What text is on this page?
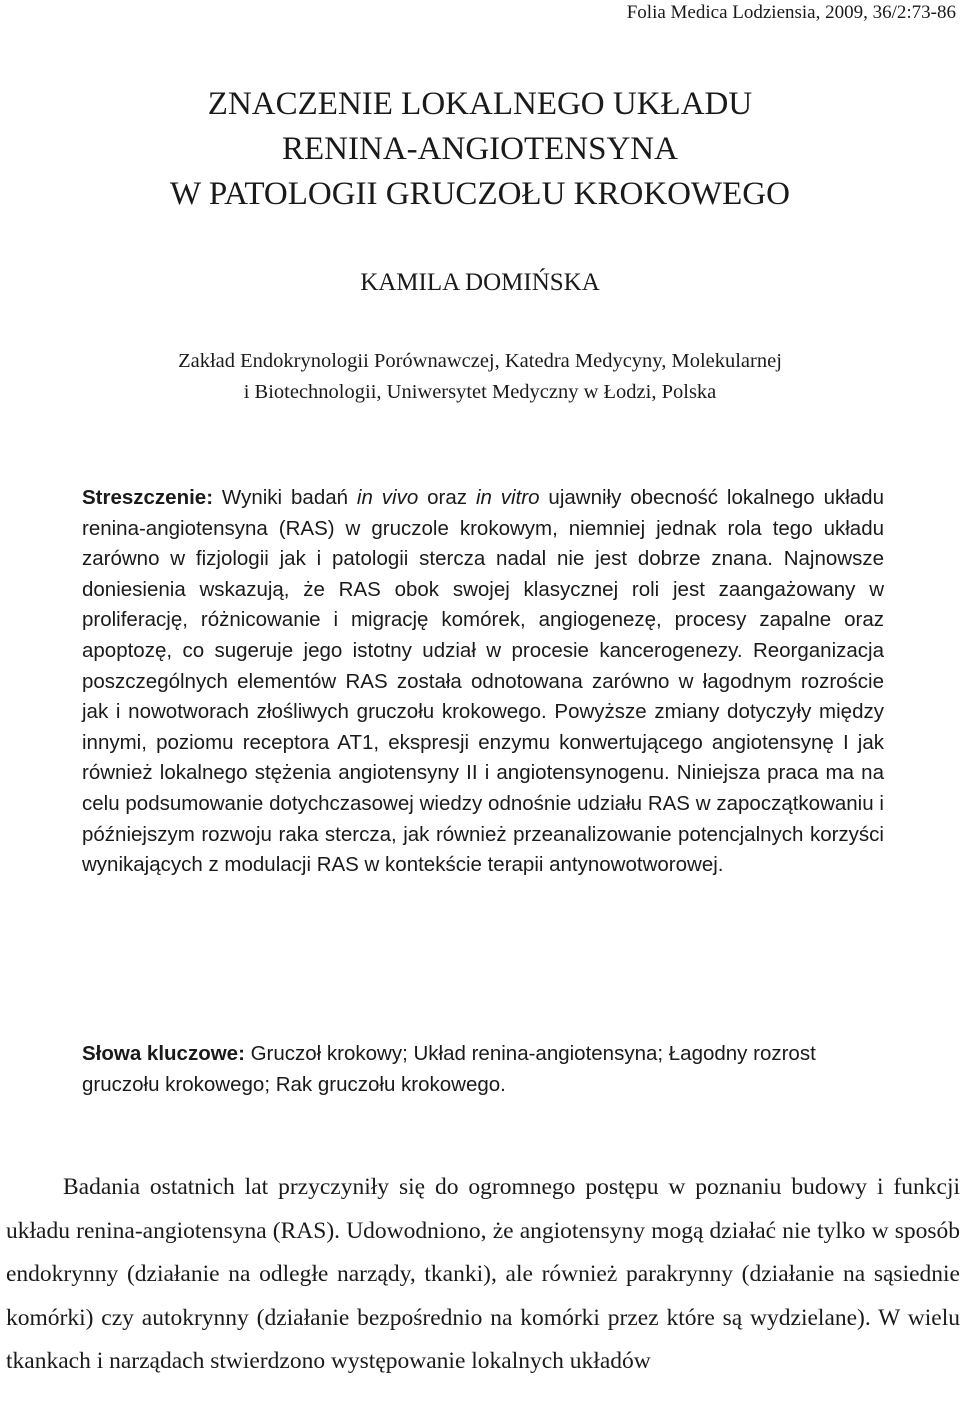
Folia Medica Lodziensia, 2009, 36/2:73-86
ZNACZENIE LOKALNEGO UKŁADU
RENINA-ANGIOTENSYNA
W PATOLOGII GRUCZOŁU KROKOWEGO
KAMILA DOMIŃSKA
Zakład Endokrynologii Porównawczej, Katedra Medycyny, Molekularnej
i Biotechnologii, Uniwersytet Medyczny w Łodzi, Polska

Streszczenie: Wyniki badań in vivo oraz in vitro ujawniły obecność lokalnego układu renina-angiotensyna (RAS) w gruczole krokowym, niemniej jednak rola tego układu zarówno w fizjologii jak i patologii stercza nadal nie jest dobrze znana. Najnowsze doniesienia wskazują, że RAS obok swojej klasycznej roli jest zaangażowany w proliferację, różnicowanie i migrację komórek, angiogenezę, procesy zapalne oraz apoptozę, co sugeruje jego istotny udział w procesie kancerogenezy. Reorganizacja poszczególnych elementów RAS została odnotowana zarówno w łagodnym rozroście jak i nowotworach złośliwych gruczołu krokowego. Powyższe zmiany dotyczyły między innymi, poziomu receptora AT1, ekspresji enzymu konwertującego angiotensynę I jak również lokalnego stężenia angiotensyny II i angiotensynogenu. Niniejsza praca ma na celu podsumowanie dotychczasowej wiedzy odnośnie udziału RAS w zapoczątkowaniu i późniejszym rozwoju raka stercza, jak również przeanalizowanie potencjalnych korzyści wynikających z modulacji RAS w kontekście terapii antynowotworowej.

Słowa kluczowe: Gruczoł krokowy; Układ renina-angiotensyna; Łagodny rozrost gruczołu krokowego; Rak gruczołu krokowego.

Badania ostatnich lat przyczyniły się do ogromnego postępu w poznaniu budowy i funkcji układu renina-angiotensyna (RAS). Udowodniono, że angiotensyny mogą działać nie tylko w sposób endokrynny (działanie na odległe narządy, tkanki), ale również parakrynny (działanie na sąsiednie komórki) czy autokrynny (działanie bezpośrednio na komórki przez które są wydzielane). W wielu tkankach i narządach stwierdzono występowanie lokalnych układów
